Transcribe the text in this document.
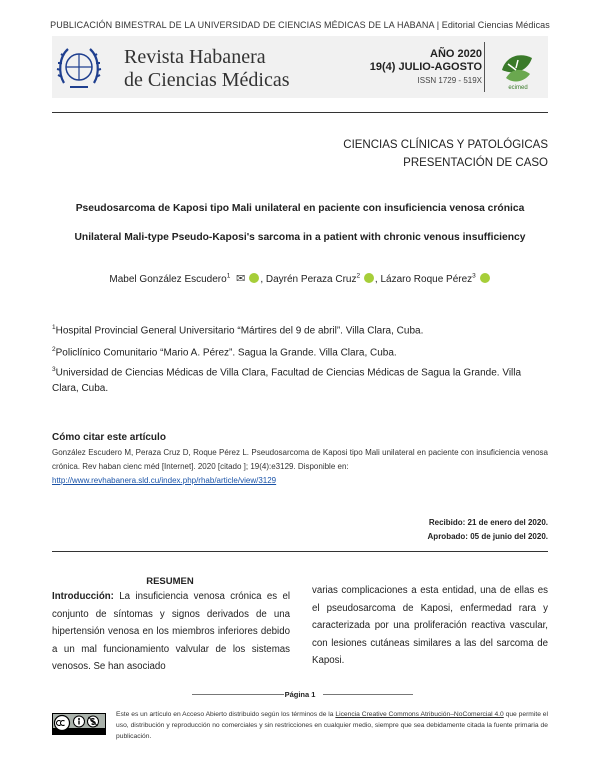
PUBLICACIÓN BIMESTRAL DE LA UNIVERSIDAD DE CIENCIAS MÉDICAS DE LA HABANA | Editorial Ciencias Médicas
Revista Habanera
de Ciencias Médicas
AÑO 2020
19(4) JULIO-AGOSTO
ISSN 1729 - 519X
ecimed
CIENCIAS CLÍNICAS Y PATOLÓGICAS
PRESENTACIÓN DE CASO
Pseudosarcoma de Kaposi tipo Mali unilateral en paciente con insuficiencia venosa crónica
Unilateral Mali-type Pseudo-Kaposi's sarcoma in a patient with chronic venous insufficiency
Mabel González Escudero$^1$ ✉ , Dayrén Peraza Cruz$^2$ , Lázaro Roque Pérez$^3$
$^1$Hospital Provincial General Universitario “Mártires del 9 de abril”. Villa Clara, Cuba.
$^2$Policlínico Comunitario “Mario A. Pérez”. Sagua la Grande. Villa Clara, Cuba.
$^3$Universidad de Ciencias Médicas de Villa Clara, Facultad de Ciencias Médicas de Sagua la Grande. Villa Clara, Cuba.
Cómo citar este artículo
González Escudero M, Peraza Cruz D, Roque Pérez L. Pseudosarcoma de Kaposi tipo Mali unilateral en paciente con insuficiencia venosa crónica. Rev haban cienc méd [Internet]. 2020 [citado ]; 19(4):e3129. Disponible en:
http://www.revhabanera.sld.cu/index.php/rhab/article/view/3129
Recibido: 21 de enero del 2020.
Aprobado: 05 de junio del 2020.
RESUMEN
Introducción: La insuficiencia venosa crónica es el conjunto de síntomas y signos derivados de una hipertensión venosa en los miembros inferiores debido a un mal funcionamiento valvular de los sistemas venosos. Se han asociado
varias complicaciones a esta entidad, una de ellas es el pseudosarcoma de Kaposi, enfermedad rara y caracterizada por una proliferación reactiva vascular, con lesiones cutáneas similares a las del sarcoma de Kaposi.
Página 1
Este es un artículo en Acceso Abierto distribuido según los términos de la Licencia Creative Commons Atribución–NoComercial 4.0 que permite el uso, distribución y reproducción no comerciales y sin restricciones en cualquier medio, siempre que sea debidamente citada la fuente primaria de publicación.
